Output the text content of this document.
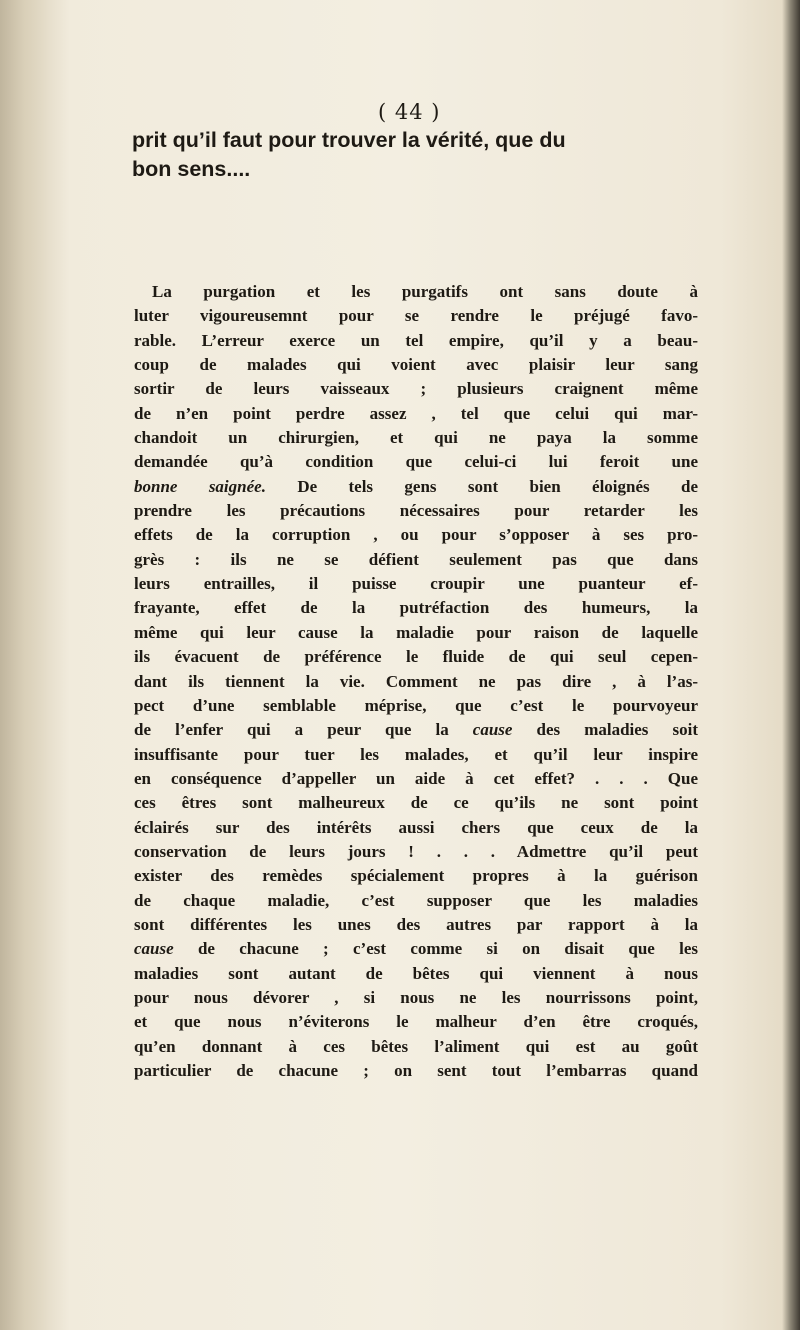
( 44 )
prit qu’il faut pour trouver la vérité, que du
bon sens....
La purgation et les purgatifs ont sans doute à
luter vigoureusemnt pour se rendre le préjugé favo-
rable. L’erreur exerce un tel empire, qu’il y a beau-
coup de malades qui voient avec plaisir leur sang
sortir de leurs vaisseaux ; plusieurs craignent même
de n’en point perdre assez , tel que celui qui mar-
chandoit un chirurgien, et qui ne paya la somme
demandée qu’à condition que celui-ci lui feroit une
bonne saignée. De tels gens sont bien éloignés de
prendre les précautions nécessaires pour retarder les
effets de la corruption , ou pour s’opposer à ses pro-
grès : ils ne se défient seulement pas que dans
leurs entrailles, il puisse croupir une puanteur ef-
frayante, effet de la putréfaction des humeurs, la
même qui leur cause la maladie pour raison de laquelle
ils évacuent de préférence le fluide de qui seul cepen-
dant ils tiennent la vie. Comment ne pas dire , à l’as-
pect d’une semblable méprise, que c’est le pourvoyeur
de l’enfer qui a peur que la cause des maladies soit
insuffisante pour tuer les malades, et qu’il leur inspire
en conséquence d’appeller un aide à cet effet? . . . Que
ces êtres sont malheureux de ce qu’ils ne sont point
éclairés sur des intérêts aussi chers que ceux de la
conservation de leurs jours ! . . . Admettre qu’il peut
exister des remèdes spécialement propres à la guérison
de chaque maladie, c’est supposer que les maladies
sont différentes les unes des autres par rapport à la
cause de chacune ; c’est comme si on disait que les
maladies sont autant de bêtes qui viennent à nous
pour nous dévorer , si nous ne les nourrissons point,
et que nous n’éviterons le malheur d’en être croqués,
qu’en donnant à ces bêtes l’aliment qui est au goût
particulier de chacune ; on sent tout l’embarras quand
